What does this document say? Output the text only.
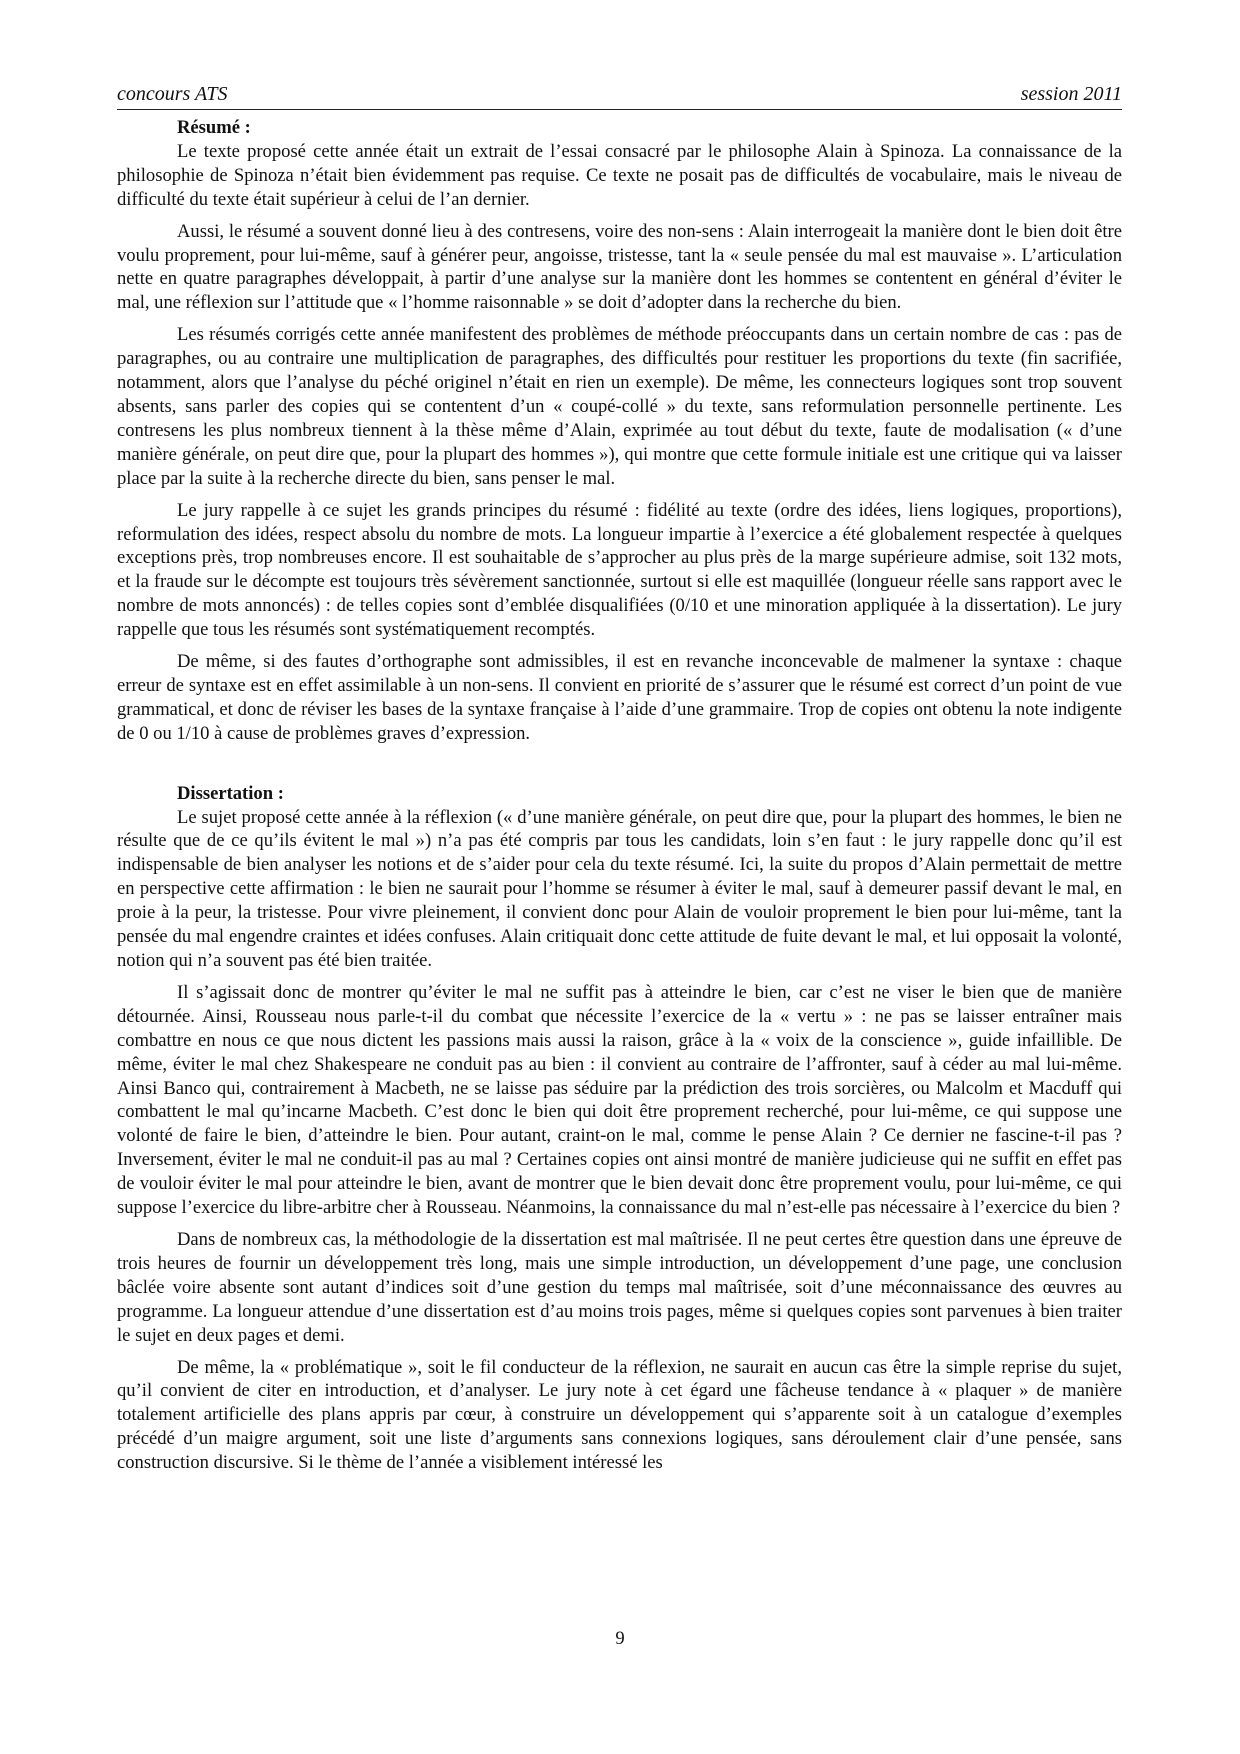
concours ATS	session 2011

Résumé :

Le texte proposé cette année était un extrait de l’essai consacré par le philosophe Alain à Spinoza. La connaissance de la philosophie de Spinoza n’était bien évidemment pas requise. Ce texte ne posait pas de difficultés de vocabulaire, mais le niveau de difficulté du texte était supérieur à celui de l’an dernier.

Aussi, le résumé a souvent donné lieu à des contresens, voire des non-sens : Alain interrogeait la manière dont le bien doit être voulu proprement, pour lui-même, sauf à générer peur, angoisse, tristesse, tant la « seule pensée du mal est mauvaise ». L’articulation nette en quatre paragraphes développait, à partir d’une analyse sur la manière dont les hommes se contentent en général d’éviter le mal, une réflexion sur l’attitude que « l’homme raisonnable » se doit d’adopter dans la recherche du bien.

Les résumés corrigés cette année manifestent des problèmes de méthode préoccupants dans un certain nombre de cas : pas de paragraphes, ou au contraire une multiplication de paragraphes, des difficultés pour restituer les proportions du texte (fin sacrifiée, notamment, alors que l’analyse du péché originel n’était en rien un exemple). De même, les connecteurs logiques sont trop souvent absents, sans parler des copies qui se contentent d’un « coupé-collé » du texte, sans reformulation personnelle pertinente. Les contresens les plus nombreux tiennent à la thèse même d’Alain, exprimée au tout début du texte, faute de modalisation (« d’une manière générale, on peut dire que, pour la plupart des hommes »), qui montre que cette formule initiale est une critique qui va laisser place par la suite à la recherche directe du bien, sans penser le mal.

Le jury rappelle à ce sujet les grands principes du résumé : fidélité au texte (ordre des idées, liens logiques, proportions), reformulation des idées, respect absolu du nombre de mots. La longueur impartie à l’exercice a été globalement respectée à quelques exceptions près, trop nombreuses encore. Il est souhaitable de s’approcher au plus près de la marge supérieure admise, soit 132 mots, et la fraude sur le décompte est toujours très sévèrement sanctionnée, surtout si elle est maquillée (longueur réelle sans rapport avec le nombre de mots annoncés) : de telles copies sont d’emblée disqualifiées (0/10 et une minoration appliquée à la dissertation). Le jury rappelle que tous les résumés sont systématiquement recomptés.

De même, si des fautes d’orthographe sont admissibles, il est en revanche inconcevable de malmener la syntaxe : chaque erreur de syntaxe est en effet assimilable à un non-sens. Il convient en priorité de s’assurer que le résumé est correct d’un point de vue grammatical, et donc de réviser les bases de la syntaxe française à l’aide d’une grammaire. Trop de copies ont obtenu la note indigente de 0 ou 1/10 à cause de problèmes graves d’expression.

Dissertation :

Le sujet proposé cette année à la réflexion (« d’une manière générale, on peut dire que, pour la plupart des hommes, le bien ne résulte que de ce qu’ils évitent le mal ») n’a pas été compris par tous les candidats, loin s’en faut : le jury rappelle donc qu’il est indispensable de bien analyser les notions et de s’aider pour cela du texte résumé. Ici, la suite du propos d’Alain permettait de mettre en perspective cette affirmation : le bien ne saurait pour l’homme se résumer à éviter le mal, sauf à demeurer passif devant le mal, en proie à la peur, la tristesse. Pour vivre pleinement, il convient donc pour Alain de vouloir proprement le bien pour lui-même, tant la pensée du mal engendre craintes et idées confuses. Alain critiquait donc cette attitude de fuite devant le mal, et lui opposait la volonté, notion qui n’a souvent pas été bien traitée.

Il s’agissait donc de montrer qu’éviter le mal ne suffit pas à atteindre le bien, car c’est ne viser le bien que de manière détournée. Ainsi, Rousseau nous parle-t-il du combat que nécessite l’exercice de la « vertu » : ne pas se laisser entraîner mais combattre en nous ce que nous dictent les passions mais aussi la raison, grâce à la « voix de la conscience », guide infaillible. De même, éviter le mal chez Shakespeare ne conduit pas au bien : il convient au contraire de l’affronter, sauf à céder au mal lui-même. Ainsi Banco qui, contrairement à Macbeth, ne se laisse pas séduire par la prédiction des trois sorcières, ou Malcolm et Macduff qui combattent le mal qu’incarne Macbeth. C’est donc le bien qui doit être proprement recherché, pour lui-même, ce qui suppose une volonté de faire le bien, d’atteindre le bien. Pour autant, craint-on le mal, comme le pense Alain ? Ce dernier ne fascine-t-il pas ? Inversement, éviter le mal ne conduit-il pas au mal ? Certaines copies ont ainsi montré de manière judicieuse qui ne suffit en effet pas de vouloir éviter le mal pour atteindre le bien, avant de montrer que le bien devait donc être proprement voulu, pour lui-même, ce qui suppose l’exercice du libre-arbitre cher à Rousseau. Néanmoins, la connaissance du mal n’est-elle pas nécessaire à l’exercice du bien ?

Dans de nombreux cas, la méthodologie de la dissertation est mal maîtrisée. Il ne peut certes être question dans une épreuve de trois heures de fournir un développement très long, mais une simple introduction, un développement d’une page, une conclusion bâclée voire absente sont autant d’indices soit d’une gestion du temps mal maîtrisée, soit d’une méconnaissance des œuvres au programme. La longueur attendue d’une dissertation est d’au moins trois pages, même si quelques copies sont parvenues à bien traiter le sujet en deux pages et demi.

De même, la « problématique », soit le fil conducteur de la réflexion, ne saurait en aucun cas être la simple reprise du sujet, qu’il convient de citer en introduction, et d’analyser. Le jury note à cet égard une fâcheuse tendance à « plaquer » de manière totalement artificielle des plans appris par cœur, à construire un développement qui s’apparente soit à un catalogue d’exemples précédé d’un maigre argument, soit une liste d’arguments sans connexions logiques, sans déroulement clair d’une pensée, sans construction discursive. Si le thème de l’année a visiblement intéressé les

9
